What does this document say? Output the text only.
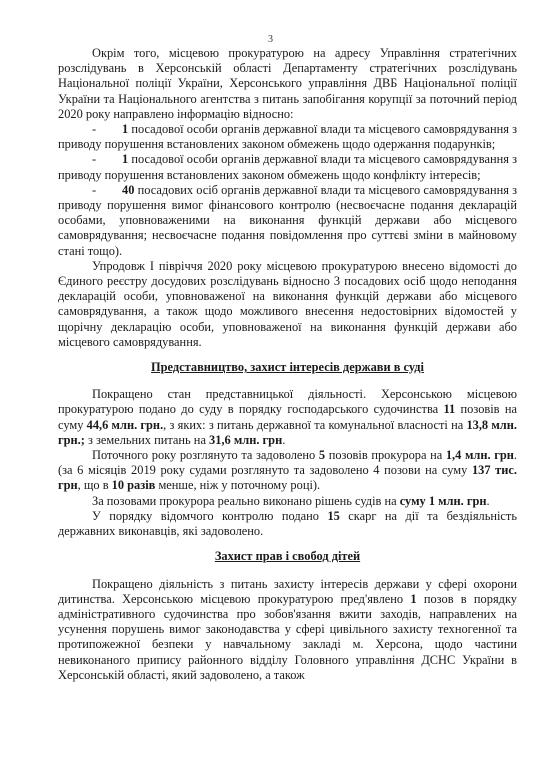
3

Окрім того, місцевою прокуратурою на адресу Управління стратегічних розслідувань в Херсонській області Департаменту стратегічних розслідувань Національної поліції України, Херсонського управління ДВБ Національної поліції України та Національного агентства з питань запобігання корупції за поточний період 2020 року направлено інформацію відносно:

- 1 посадової особи органів державної влади та місцевого самоврядування з приводу порушення встановлених законом обмежень щодо одержання подарунків;

- 1 посадової особи органів державної влади та місцевого самоврядування з приводу порушення встановлених законом обмежень щодо конфлікту інтересів;

- 40 посадових осіб органів державної влади та місцевого самоврядування з приводу порушення вимог фінансового контролю (несвоєчасне подання декларацій особами, уповноваженими на виконання функцій держави або місцевого самоврядування; несвоєчасне подання повідомлення про суттєві зміни в майновому стані тощо).

Упродовж І півріччя 2020 року місцевою прокуратурою внесено відомості до Єдиного реєстру досудових розслідувань відносно 3 посадових осіб щодо неподання декларацій особи, уповноваженої на виконання функцій держави або місцевого самоврядування, а також щодо можливого внесення недостовірних відомостей у щорічну декларацію особи, уповноваженої на виконання функцій держави або місцевого самоврядування.

Представництво, захист інтересів держави в суді

Покращено стан представницької діяльності. Херсонською місцевою прокуратурою подано до суду в порядку господарського судочинства 11 позовів на суму 44,6 млн. грн., з яких: з питань державної та комунальної власності на 13,8 млн. грн.; з земельних питань на 31,6 млн. грн.

Поточного року розглянуто та задоволено 5 позовів прокурора на 1,4 млн. грн. (за 6 місяців 2019 року судами розглянуто та задоволено 4 позови на суму 137 тис. грн, що в 10 разів менше, ніж у поточному році).

За позовами прокурора реально виконано рішень судів на суму 1 млн. грн.

У порядку відомчого контролю подано 15 скарг на дії та бездіяльність державних виконавців, які задоволено.

Захист прав і свобод дітей

Покращено діяльність з питань захисту інтересів держави у сфері охорони дитинства. Херсонською місцевою прокуратурою пред'явлено 1 позов в порядку адміністративного судочинства про зобов'язання вжити заходів, направлених на усунення порушень вимог законодавства у сфері цивільного захисту техногенної та протипожежної безпеки у навчальному закладі м. Херсона, щодо частини невиконаного припису районного відділу Головного управління ДСНС України в Херсонській області, який задоволено, а також
